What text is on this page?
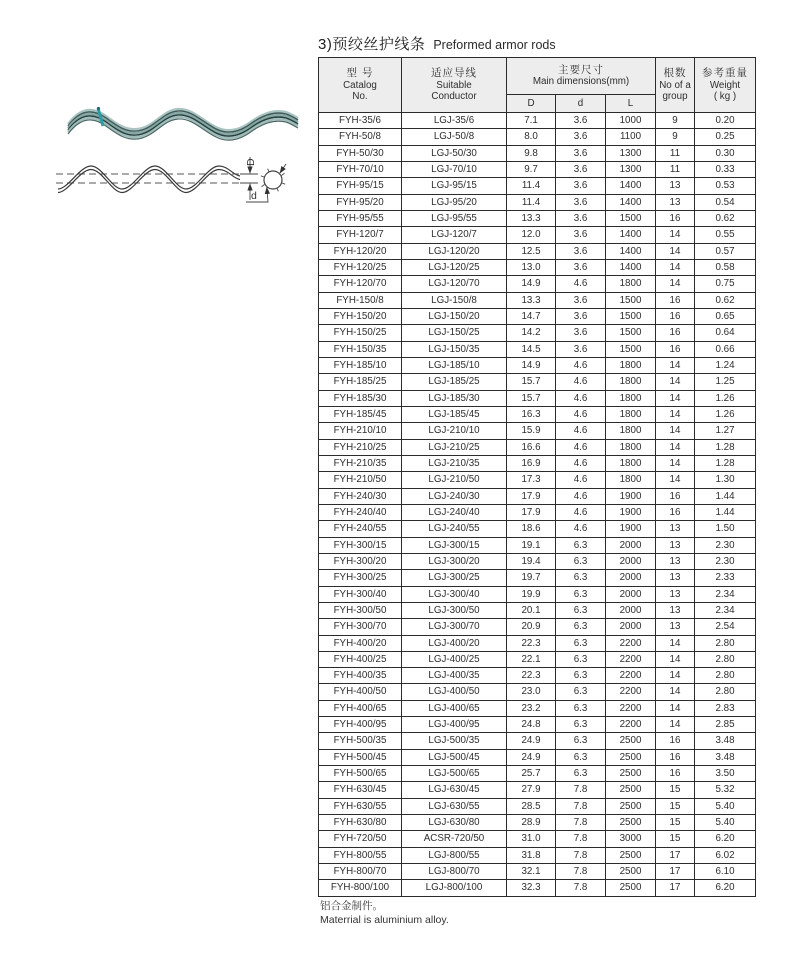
D
d
3)预绞丝护线条 Preformed armor rods
型 号
Catalog
No.

适应导线
Suitable
Conductor

主要尺寸
Main dimensions(mm)

根数
No of a
group

参考重量
Weight
( kg )

		D	d	L		
FYH-35/6	LGJ-35/6	7.1	3.6	1000	9	0.20
FYH-50/8	LGJ-50/8	8.0	3.6	1100	9	0.25
FYH-50/30	LGJ-50/30	9.8	3.6	1300	11	0.30
FYH-70/10	LGJ-70/10	9.7	3.6	1300	11	0.33
FYH-95/15	LGJ-95/15	11.4	3.6	1400	13	0.53
FYH-95/20	LGJ-95/20	11.4	3.6	1400	13	0.54
FYH-95/55	LGJ-95/55	13.3	3.6	1500	16	0.62
FYH-120/7	LGJ-120/7	12.0	3.6	1400	14	0.55
FYH-120/20	LGJ-120/20	12.5	3.6	1400	14	0.57
FYH-120/25	LGJ-120/25	13.0	3.6	1400	14	0.58
FYH-120/70	LGJ-120/70	14.9	4.6	1800	14	0.75
FYH-150/8	LGJ-150/8	13.3	3.6	1500	16	0.62
FYH-150/20	LGJ-150/20	14.7	3.6	1500	16	0.65
FYH-150/25	LGJ-150/25	14.2	3.6	1500	16	0.64
FYH-150/35	LGJ-150/35	14.5	3.6	1500	16	0.66
FYH-185/10	LGJ-185/10	14.9	4.6	1800	14	1.24
FYH-185/25	LGJ-185/25	15.7	4.6	1800	14	1.25
FYH-185/30	LGJ-185/30	15.7	4.6	1800	14	1.26
FYH-185/45	LGJ-185/45	16.3	4.6	1800	14	1.26
FYH-210/10	LGJ-210/10	15.9	4.6	1800	14	1.27
FYH-210/25	LGJ-210/25	16.6	4.6	1800	14	1.28
FYH-210/35	LGJ-210/35	16.9	4.6	1800	14	1.28
FYH-210/50	LGJ-210/50	17.3	4.6	1800	14	1.30
FYH-240/30	LGJ-240/30	17.9	4.6	1900	16	1.44
FYH-240/40	LGJ-240/40	17.9	4.6	1900	16	1.44
FYH-240/55	LGJ-240/55	18.6	4.6	1900	13	1.50
FYH-300/15	LGJ-300/15	19.1	6.3	2000	13	2.30
FYH-300/20	LGJ-300/20	19.4	6.3	2000	13	2.30
FYH-300/25	LGJ-300/25	19.7	6.3	2000	13	2.33
FYH-300/40	LGJ-300/40	19.9	6.3	2000	13	2.34
FYH-300/50	LGJ-300/50	20.1	6.3	2000	13	2.34
FYH-300/70	LGJ-300/70	20.9	6.3	2000	13	2.54
FYH-400/20	LGJ-400/20	22.3	6.3	2200	14	2.80
FYH-400/25	LGJ-400/25	22.1	6.3	2200	14	2.80
FYH-400/35	LGJ-400/35	22.3	6.3	2200	14	2.80
FYH-400/50	LGJ-400/50	23.0	6.3	2200	14	2.80
FYH-400/65	LGJ-400/65	23.2	6.3	2200	14	2.83
FYH-400/95	LGJ-400/95	24.8	6.3	2200	14	2.85
FYH-500/35	LGJ-500/35	24.9	6.3	2500	16	3.48
FYH-500/45	LGJ-500/45	24.9	6.3	2500	16	3.48
FYH-500/65	LGJ-500/65	25.7	6.3	2500	16	3.50
FYH-630/45	LGJ-630/45	27.9	7.8	2500	15	5.32
FYH-630/55	LGJ-630/55	28.5	7.8	2500	15	5.40
FYH-630/80	LGJ-630/80	28.9	7.8	2500	15	5.40
FYH-720/50	ACSR-720/50	31.0	7.8	3000	15	6.20
FYH-800/55	LGJ-800/55	31.8	7.8	2500	17	6.02
FYH-800/70	LGJ-800/70	32.1	7.8	2500	17	6.10
FYH-800/100	LGJ-800/100	32.3	7.8	2500	17	6.20
铝合金制件。
Materrial is aluminium alloy.
